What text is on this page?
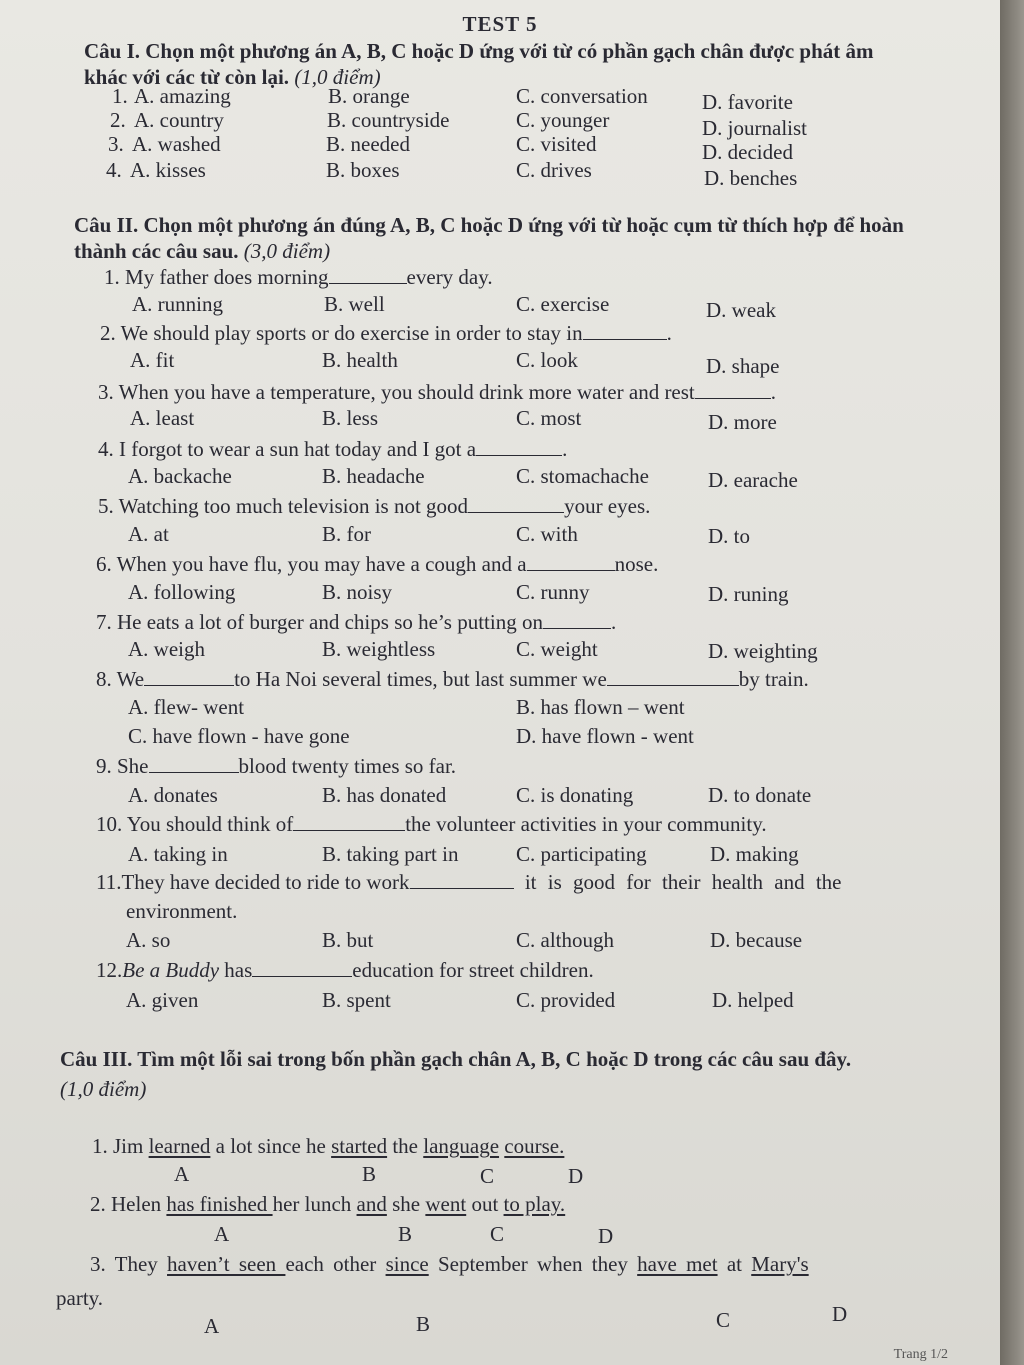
TEST 5
Câu I. Chọn một phương án A, B, C hoặc D ứng với từ có phần gạch chân được phát âm khác với các từ còn lại. (1,0 điểm)
1. A. amazing	B. orange	C. conversation	D. favorite
2. A. country	B. countryside	C. younger	D. journalist
3. A. washed	B. needed	C. visited	D. decided
4. A. kisses	B. boxes	C. drives	D. benches
Câu II. Chọn một phương án đúng A, B, C hoặc D ứng với từ hoặc cụm từ thích hợp để hoàn thành các câu sau. (3,0 điểm)
1. My father does morning	every day.
A. running	B. well	C. exercise	D. weak
2. We should play sports or do exercise in order to stay in	.
A. fit	B. health	C. look	D. shape
3. When you have a temperature, you should drink more water and rest	.
A. least	B. less	C. most	D. more
4. I forgot to wear a sun hat today and I got a	.
A. backache	B. headache	C. stomachache	D. earache
5. Watching too much television is not good	your eyes.
A. at	B. for	C. with	D. to
6. When you have flu, you may have a cough and a	nose.
A. following	B. noisy	C. runny	D. runing
7. He eats a lot of burger and chips so he’s putting on	.
A. weigh	B. weightless	C. weight	D. weighting
8. We	to Ha Noi several times, but last summer we	by train.
A. flew- went	B. has flown – went
C. have flown - have gone	D. have flown - went
9. She	blood twenty times so far.
A. donates	B. has donated	C. is donating	D. to donate
10. You should think of	the volunteer activities in your community.
A. taking in	B. taking part in	C. participating	D. making
11.They have decided to ride to work	it is good for their health and the
environment.
A. so	B. but	C. although	D. because
12.Be a Buddy has	education for street children.
A. given	B. spent	C. provided	D. helped
Câu III. Tìm một lỗi sai trong bốn phần gạch chân A, B, C hoặc D trong các câu sau đây.
(1,0 điểm)
1. Jim learned a lot since he started the language course.
A	B	C	D
2. Helen has finished her lunch and she went out to play.
A	B	C	D
3. They haven’t seen each other since September when they have met at Mary's
party.
A	B	C	D
Trang 1/2
